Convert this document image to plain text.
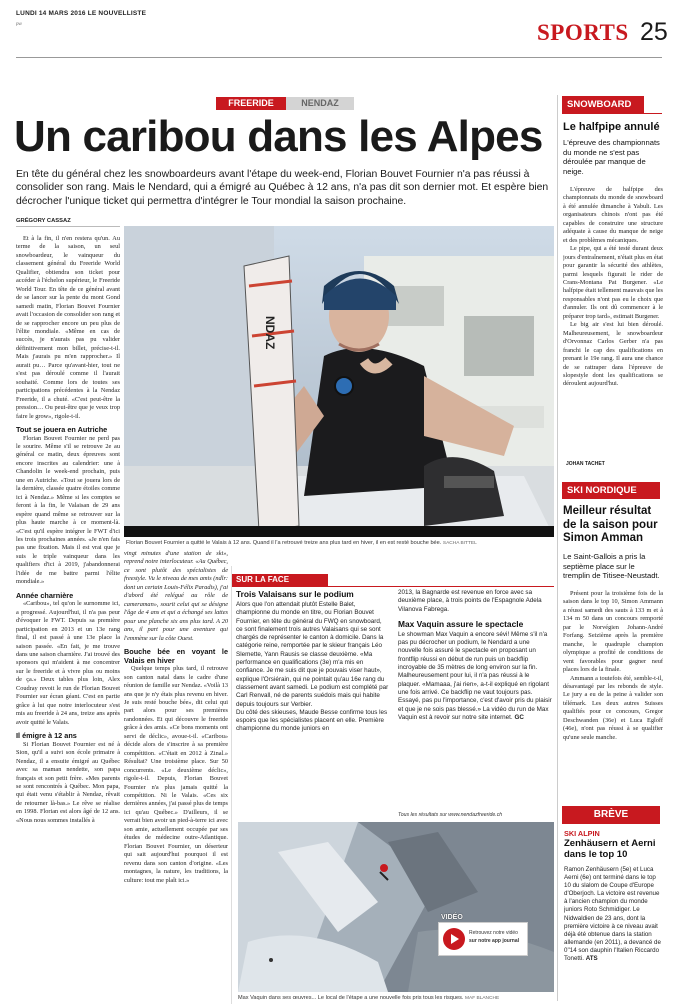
LUNDI 14 MARS 2016 LE NOUVELLISTE
pw	SPORTS 25
FREERIDE	NENDAZ
Un caribou dans les Alpes
En tête du général chez les snowboardeurs avant l'étape du week-end, Florian Bouvet Fournier n'a pas réussi à consolider son rang. Mais le Nendard, qui a émigré au Québec à 12 ans, n'a pas dit son dernier mot. Et espère bien décrocher l'unique ticket qui permettra d'intégrer le Tour mondial la saison prochaine.
GRÉGORY CASSAZ

Et à la fin, il n'en restera qu'un. Au terme de la saison, un seul snowboardeur, le vainqueur du classement général du Freeride World Qualifier, obtiendra son ticket pour accéder à l'échelon supérieur, le Freeride World Tour. En tête de ce général avant de se lancer sur la pente du mont Gond samedi matin, Florian Bouvet Fournier avait l'occasion de consolider son rang et de se rapprocher encore un peu plus de l'élite mondiale. «Même en cas de succès, je n'aurais pas pu valider définitivement mon billet, précise-t-il. Mais j'aurais pu m'en rapprocher.» Il aurait pu… Parce qu'avant-hier, tout ne s'est pas déroulé comme il l'aurait souhaité. Comme lors de toutes ses participations précédentes à la Nendaz Freeride, il a chuté. «C'est peut-être la pression… Ou peut-être que je veux trop faire le grow», rigole-t-il.

Tout se jouera en Autriche

Florian Bouvet Fournier ne perd pas le sourire. Même s'il se retrouve 2e au général ce matin, deux épreuves sont encore inscrites au calendrier: une à Chandolin le week-end prochain, puis une en Autriche. «Tout se jouera lors de la dernière, classée quatre étoiles comme ici à Nendaz.» Même si les comptes se feront à la fin, le Valaisan de 29 ans espère quand même se retrouver sur la plus haute marche à ce moment-là. «C'est qu'il espère intégrer le FWT d'ici les trois prochaines années. «Je n'en fais pas une fixation. Mais il est vrai que je suis le triple vainqueur dans les qualifiers d'ici à 2019, j'abandonnerai l'idée de me battre parmi l'élite mondiale.»

Année charnière

«Caribou», tel qu'on le surnomme ici, a progressé. Aujourd'hui, il n'a pas peur d'évoquer le FWT. Depuis sa première participation en 2013 et un 13e rang final, il est passé à une 13e place la saison passée. «En fait, je me trouve dans une saison charnière. J'ai trouvé des sponsors qui m'aident à me concentrer sur le freeride et à vivre plus ou moins de ça.» Deux tables plus loin, Alex Coudray revoit le run de Florian Bouvet Fournier sur écran géant. C'est en partie grâce à lui que notre interlocuteur s'est mis au freeride à 24 ans, treize ans après avoir quitté le Valais.

Il émigre à 12 ans

Si Florian Bouvet Fournier est né à Sion, qu'il a suivi son école primaire à Nendaz, il a ensuite émigré au Québec avec sa maman nendette, son papa français et son petit frère. «Mes parents se sont rencontrés à Québec. Mon papa, qui était venu s'établir à Nendaz, rêvait de retourner là-bas.» Le rêve se réalise en 1998. Florian est alors âgé de 12 ans. «Nous nous sommes installés à

NDAZ
Florian Bouvet Fournier a quitté le Valais à 12 ans. Quand il l'a retrouvé treize ans plus tard en hiver, il en est resté bouche bée. SACHA BITTEL

vingt minutes d'une station de ski», reprend notre interlocuteur. «Au Québec, ce sont plutôt des spécialistes de freestyle. Vu le niveau de mes amis (ndlr: dont un certain Louis-Félix Paradis), j'ai d'abord été relégué au rôle de cameraman», sourit celui qui se désigne l'âge de 4 ans et qui a échangé ses lattes pour une planche six ans plus tard. A 20 ans, il part pour une aventure qui l'emmène sur la côte Ouest.

Bouche bée en voyant le Valais en hiver

Quelque temps plus tard, il retrouve son canton natal dans le cadre d'une réunion de famille sur Nendaz. «Voilà 13 ans que je n'y étais plus revenu en hiver. Je suis resté bouche bée», dit celui qui part alors pour ses premières randonnées. Et qui découvre le freeride grâce à des amis. «Ce bons moments ont servi de déclic», avoue-t-il. «Caribou» décide alors de s'inscrire à sa première compétition. «C'était en 2012 à Zinal.» Résultat? Une troisième place. Sur 50 concurrents. «Le deuxième déclic», rigole-t-il. Depuis, Florian Bouvet Fournier n'a plus jamais quitté la compétition. Ni le Valais. «Ces six dernières années, j'ai passé plus de temps ici qu'au Québec.» D'ailleurs, il se verrait bien avoir un pied-à-terre ici avec son amie, actuellement occupée par ses études de médecine outre-Atlantique. Florian Bouvet Fournier, un déserteur qui sait aujourd'hui pourquoi il est revenu dans son canton d'origine. «Les montagnes, la nature, les traditions, la culture: tout me plaît ici.»

SUR LA FACE
Trois Valaisans sur le podium

Alors que l'on attendait plutôt Estelle Balet, championne du monde en titre, ou Florian Bouvet Fournier, en tête du général du FWQ en snowboard, ce sont finalement trois autres Valaisans qui se sont chargés de représenter le canton à domicile. Dans la catégorie reine, remportée par le skieur français Léo Slemette, Yann Rausis se classe deuxième. «Ma performance en qualifications (3e) m'a mis en confiance. Je me suis dit que je pouvais viser haut», explique l'Orsiérain, qui ne pointait qu'au 16e rang du classement avant samedi. Le podium est complété par Carl Renvall, né de parents suédois mais qui habite depuis toujours sur Verbier.

Du côté des skieuses, Maude Besse confirme tous les espoirs que les spécialistes placent en elle. Première championne du monde juniors en

2013, la Bagnarde est revenue en force avec sa deuxième place, à trois points de l'Espagnole Adela Vilanova Fabrega.

Max Vaquin assure le spectacle

Le showman Max Vaquin a encore sévi! Même s'il n'a pas pu décrocher un podium, le Nendard a une nouvelle fois assuré le spectacle en proposant un frontflip réussi en début de run puis un backflip incroyable de 35 mètres de long environ sur la fin. Malheureusement pour lui, il n'a pas réussi à le plaquer. «Mamaaa, j'ai rien», a-t-il expliqué en rigolant une fois arrivé. Ce backflip ne vaut toujours pas. Essayé, pas pu l'importance, c'est d'avoir pris du plaisir et que je ne sois pas blessé.» La vidéo du run de Max Vaquin est à revoir sur notre site internet. GC

Tous les résultats sur www.nendazfreeride.ch
VIDÉO
Retrouvez notre vidéo
sur notre app journal
Max Vaquin dans ses œuvres... Le local de l'étape a une nouvelle fois pris tous les risques. MAF BLANCHE
SNOWBOARD
Le halfpipe annulé
L'épreuve des championnats du monde ne s'est pas déroulée par manque de neige.

L'épreuve de halfpipe des championnats du monde de snowboard à été annulée dimanche à Yabuli. Les organisateurs chinois n'ont pas été capables de construire une structure adéquate à cause du manque de neige et des problèmes mécaniques.

Le pipe, qui a été testé durant deux jours d'entraînement, n'était plus en état pour garantir la sécurité des athlètes, parmi lesquels figurait le rider de Crans-Montana Pat Burgener. «Le halfpipe était tellement mauvais que les responsables n'ont pas eu le choix que d'annuler. Ils ont dû commencer à le préparer trop tard», estimait Burgener.

Le big air s'est lui bien déroulé. Malheureusement, le snowboardeur d'Orvonnaz Carlos Gerber n'a pas franchi le cap des qualifications en prenant le 19e rang. Il aura une chance de se rattraper dans l'épreuve de slopestyle dont les qualifications se déroulent aujourd'hui.

JOHAN TACHET
SKI NORDIQUE
Meilleur résultat de la saison pour Simon Amman
Le Saint-Gallois a pris la septième place sur le tremplin de Titisee-Neustadt.

Présent pour la troisième fois de la saison dans le top 10, Simon Ammann a réussi samedi des sauts à 133 m et à 134 m 50 dans un concours remporté par le Norvégien Johann-André Forfang. Seizième après la première manche, le quadruple champion olympique a profité de conditions de vent favorables pour gagner neuf places lors de la finale.

Ammann a toutefois été, semble-t-il, désavantagé par les rebonds de style. Le jury a eu de la peine à valider son télémark. Les deux autres Suisses qualifiés pour ce concours, Gregor Deschwanden (36e) et Luca Egloff (46e), n'ont pas réussi à se qualifier qu'une seule manche.

BRÈVE
SKI ALPIN
Zenhäusern et Aerni dans le top 10
Ramon Zenhäusern (5e) et Luca Aerni (6e) ont terminé dans le top 10 du slalom de Coupe d'Europe d'Oberjoch. La victoire est revenue à l'ancien champion du monde juniors Roto Schmidiger. Le Nidwaldien de 23 ans, dont la première victoire à ce niveau avait déjà été obtenue dans la station allemande (en 2011), a devancé de 0''14 son dauphin l'Italien Riccardo Tonetti. ATS
